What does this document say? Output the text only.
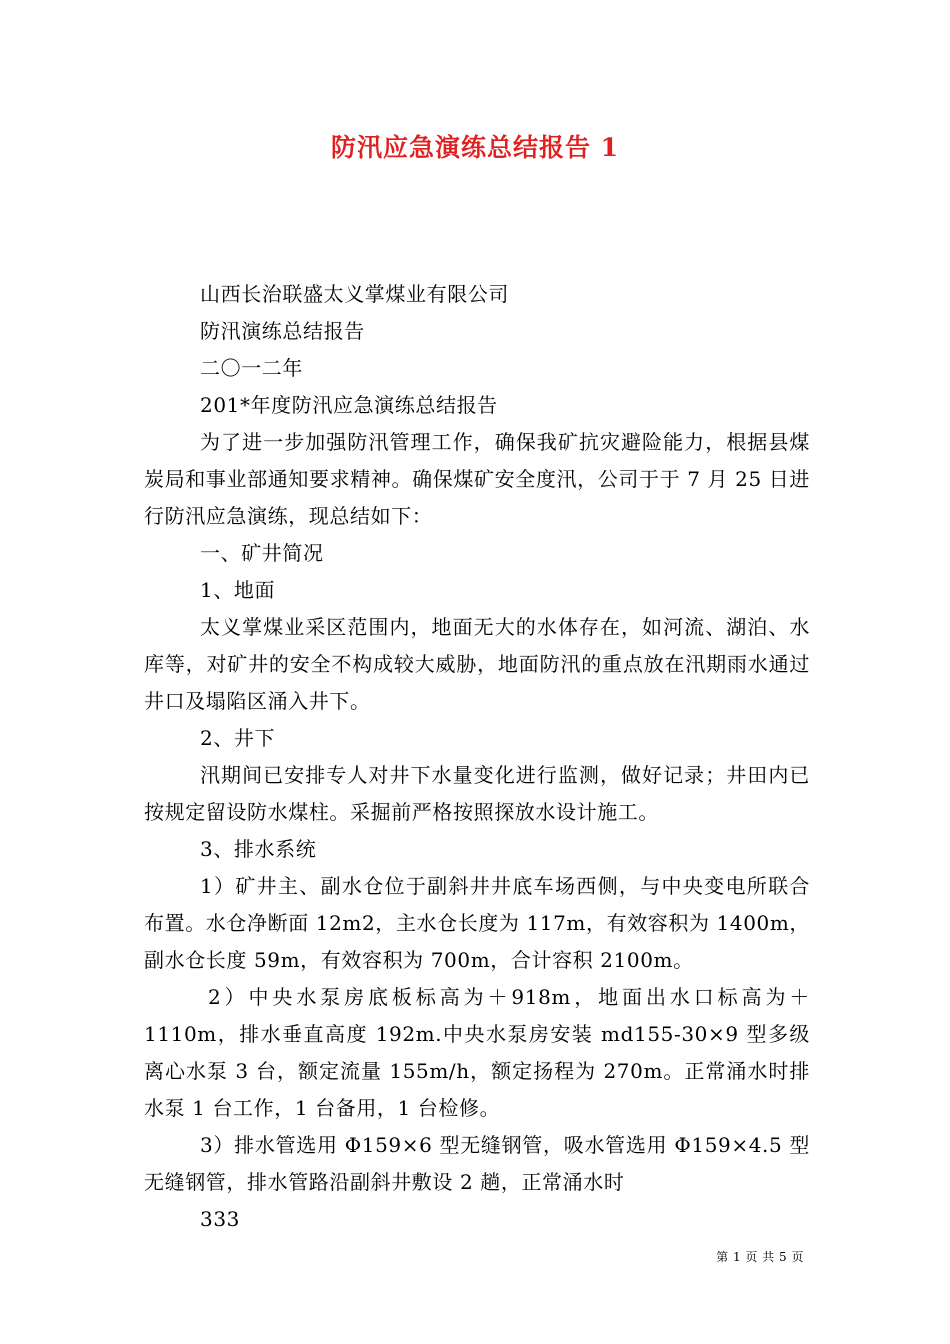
防汛应急演练总结报告 1

山西长治联盛太义掌煤业有限公司

防汛演练总结报告

二〇一二年

201*年度防汛应急演练总结报告

为了进一步加强防汛管理工作，确保我矿抗灾避险能力，根据县煤炭局和事业部通知要求精神。确保煤矿安全度汛，公司于于 7 月 25 日进行防汛应急演练，现总结如下：

一、矿井简况

1、地面

太义掌煤业采区范围内，地面无大的水体存在，如河流、湖泊、水库等，对矿井的安全不构成较大威胁，地面防汛的重点放在汛期雨水通过井口及塌陷区涌入井下。

2、井下

汛期间已安排专人对井下水量变化进行监测，做好记录；井田内已按规定留设防水煤柱。采掘前严格按照探放水设计施工。

3、排水系统

1）矿井主、副水仓位于副斜井井底车场西侧，与中央变电所联合布置。水仓净断面 12m2，主水仓长度为 117m，有效容积为 1400m，副水仓长度 59m，有效容积为 700m，合计容积 2100m。

2）中央水泵房底板标高为＋918m，地面出水口标高为＋1110m，排水垂直高度 192m.中央水泵房安装 md155-30×9 型多级离心水泵 3 台，额定流量 155m/h，额定扬程为 270m。正常涌水时排水泵 1 台工作，1 台备用，1 台检修。

3）排水管选用 Φ159×6 型无缝钢管，吸水管选用 Φ159×4.5 型无缝钢管，排水管路沿副斜井敷设 2 趟，正常涌水时

333

第 1 页 共 5 页
